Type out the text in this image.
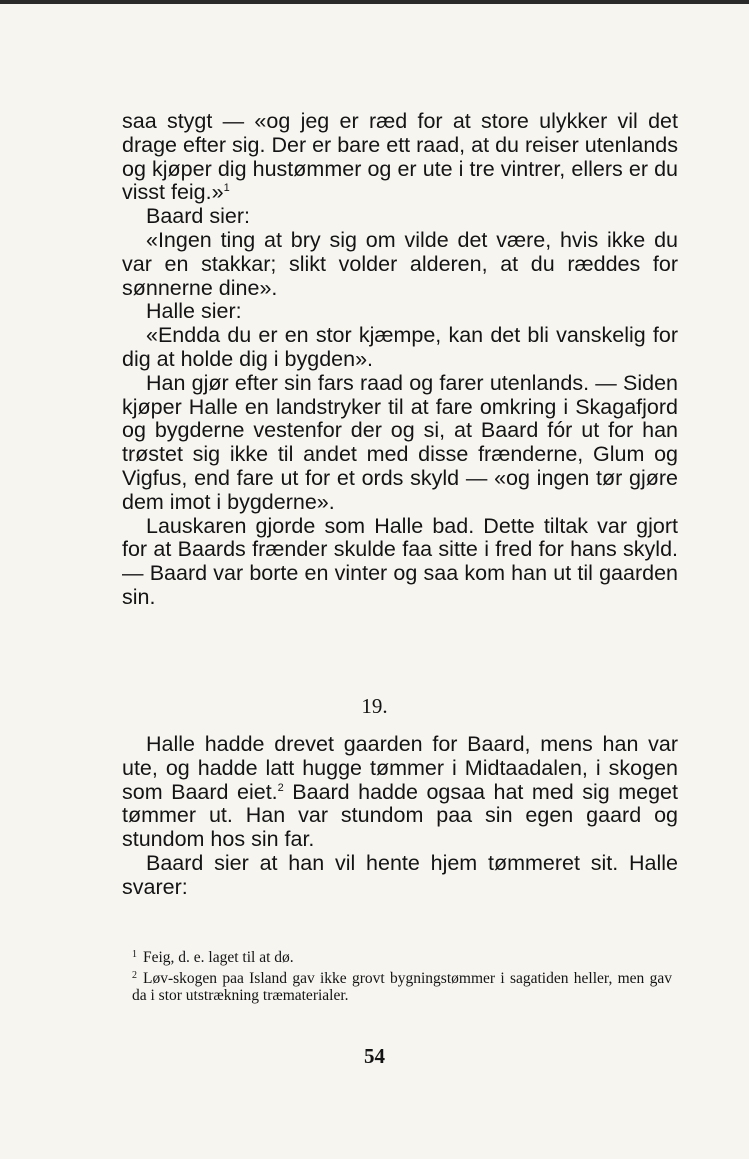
saa stygt — «og jeg er ræd for at store ulykker vil det drage efter sig. Der er bare ett raad, at du reiser utenlands og kjøper dig hustømmer og er ute i tre vintrer, ellers er du visst feig.»$^1$

Baard sier:

«Ingen ting at bry sig om vilde det være, hvis ikke du var en stakkar; slikt volder alderen, at du ræddes for sønnerne dine».

Halle sier:

«Endda du er en stor kjæmpe, kan det bli vanskelig for dig at holde dig i bygden».

Han gjør efter sin fars raad og farer utenlands. — Siden kjøper Halle en landstryker til at fare omkring i Skagafjord og bygderne vestenfor der og si, at Baard fór ut for han trøstet sig ikke til andet med disse frænderne, Glum og Vigfus, end fare ut for et ords skyld — «og ingen tør gjøre dem imot i bygderne».

Lauskaren gjorde som Halle bad. Dette tiltak var gjort for at Baards frænder skulde faa sitte i fred for hans skyld. — Baard var borte en vinter og saa kom han ut til gaarden sin.

19.

Halle hadde drevet gaarden for Baard, mens han var ute, og hadde latt hugge tømmer i Midtaadalen, i skogen som Baard eiet.$^2$ Baard hadde ogsaa hat med sig meget tømmer ut. Han var stundom paa sin egen gaard og stundom hos sin far.

Baard sier at han vil hente hjem tømmeret sit. Halle svarer:

$^1$ Feig, d. e. laget til at dø.

$^2$ Løv-skogen paa Island gav ikke grovt bygningstømmer i sagatiden heller, men gav da i stor utstrækning træmaterialer.

54
